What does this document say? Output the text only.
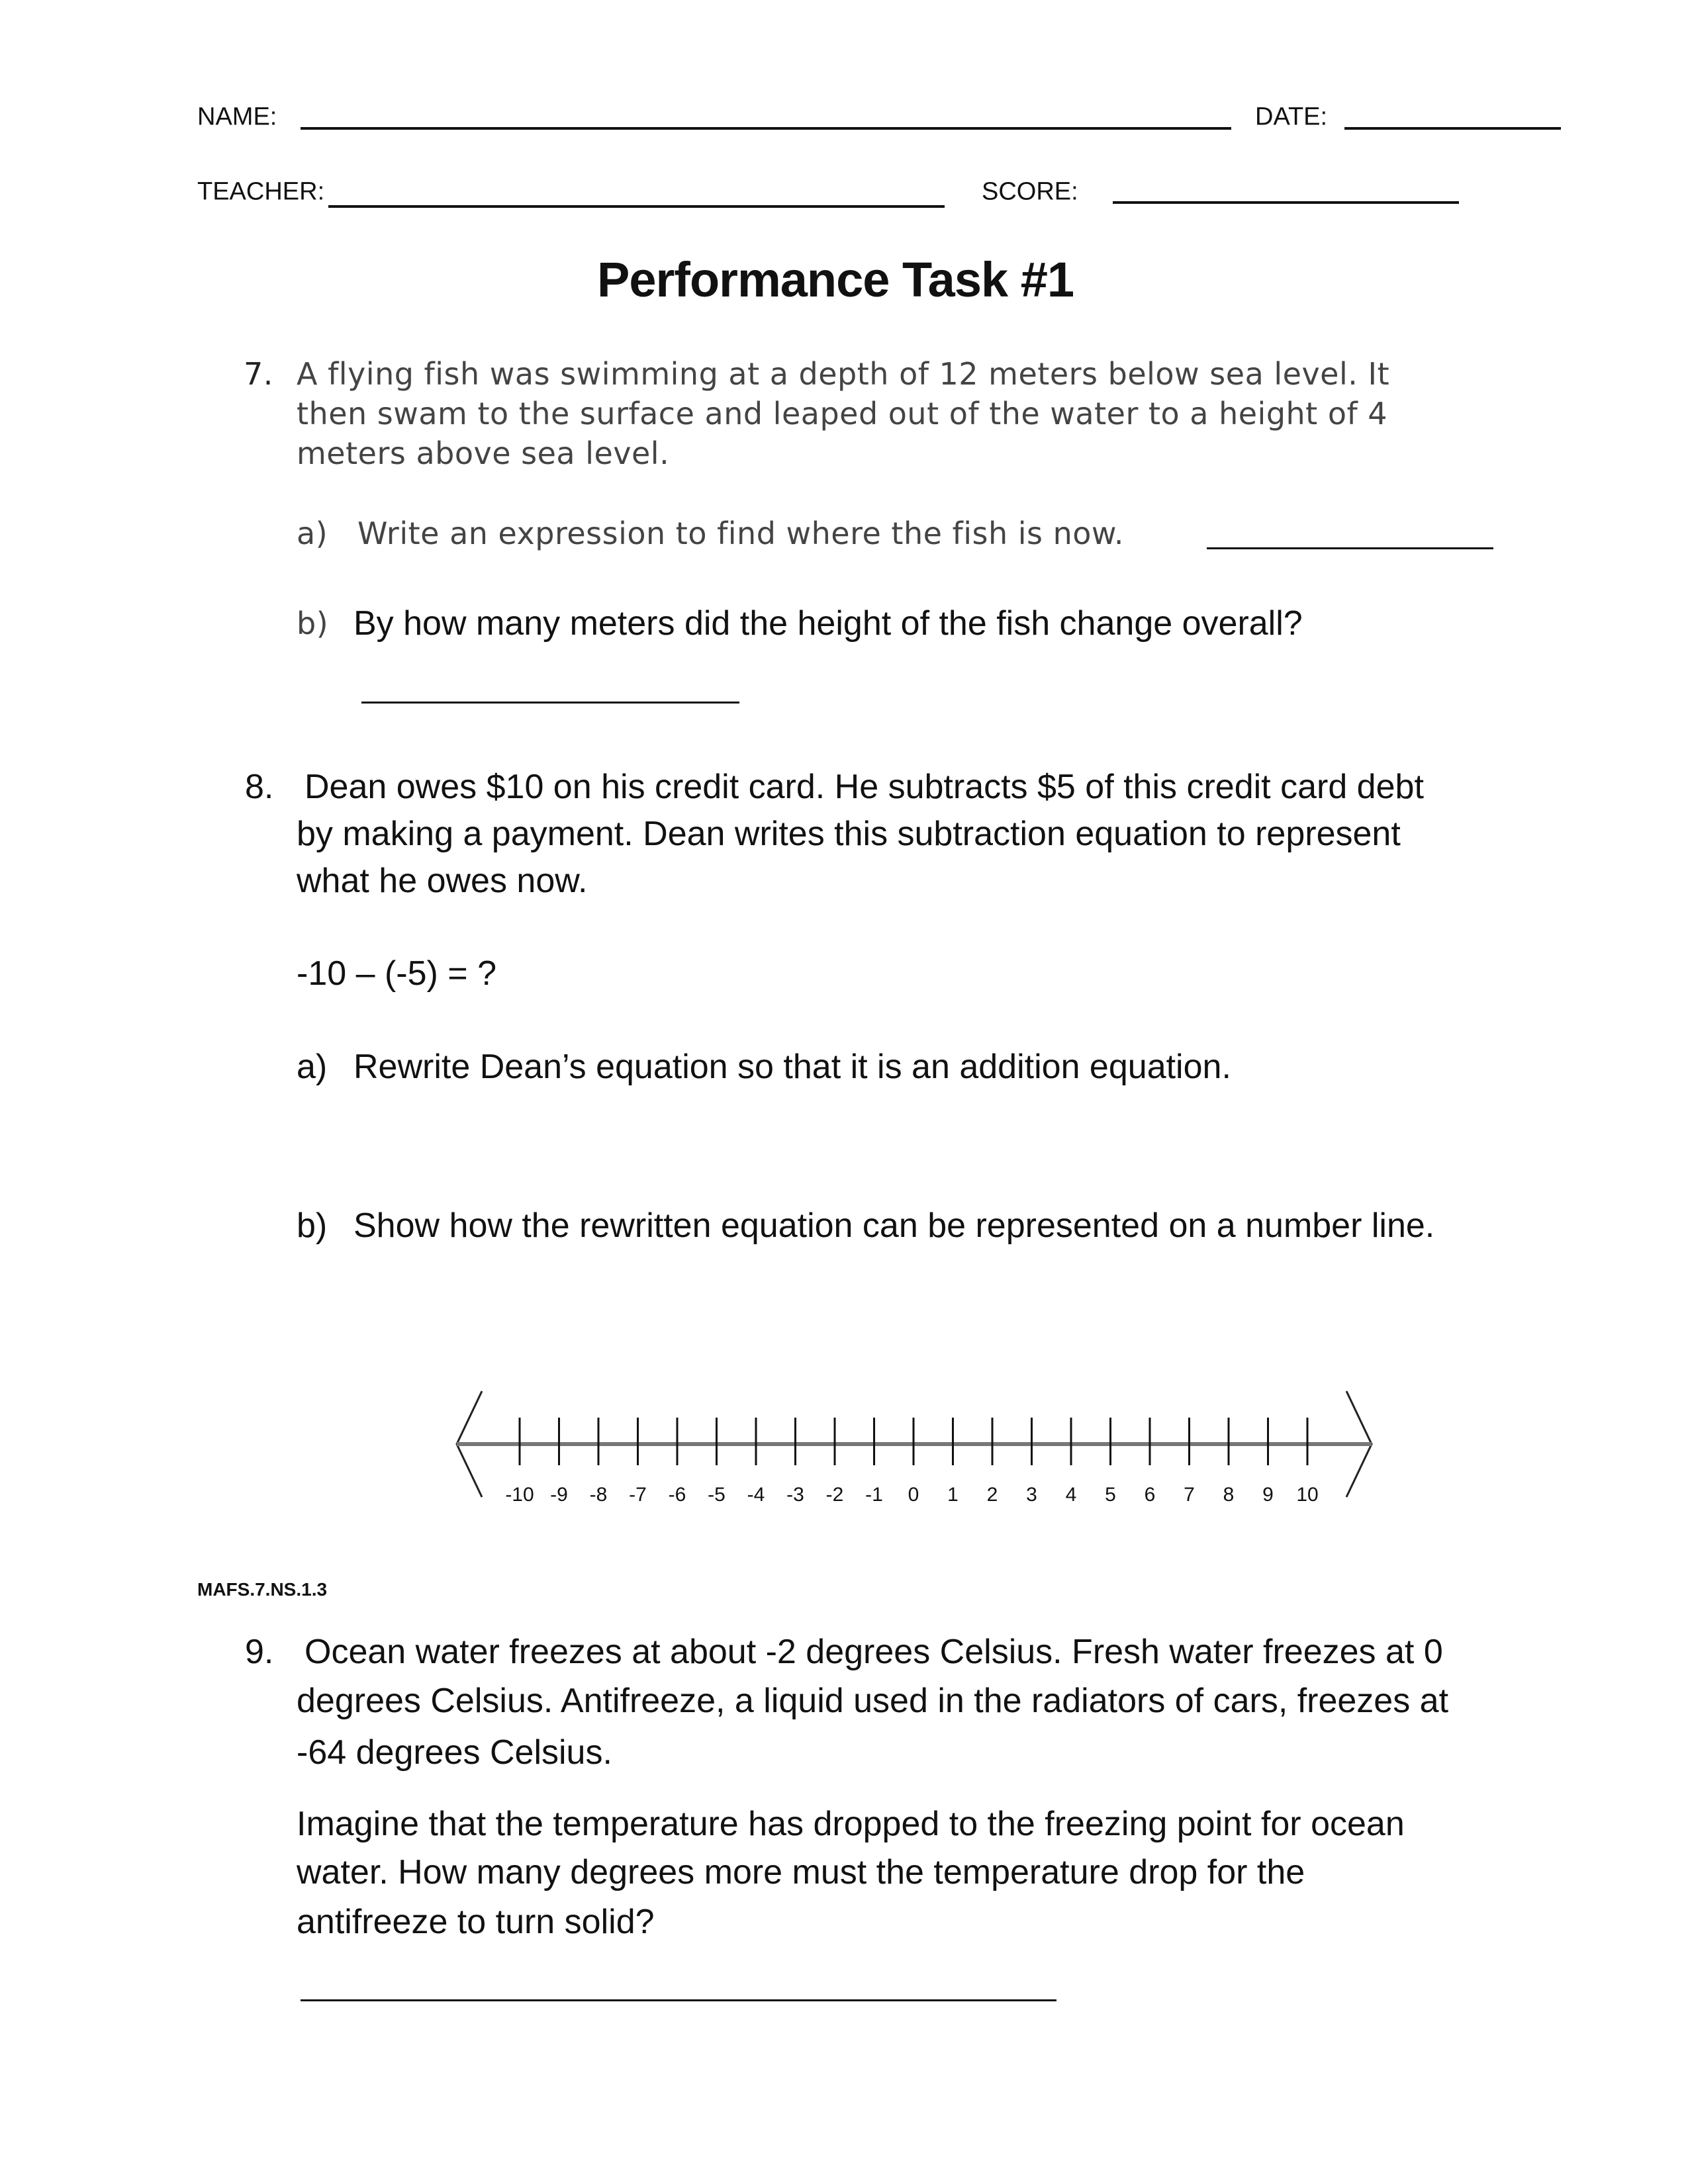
NAME:	DATE:
TEACHER:	SCORE:
Performance Task #1
7. A flying fish was swimming at a depth of 12 meters below sea level. It
then swam to the surface and leaped out of the water to a height of 4
meters above sea level.
a) Write an expression to find where the fish is now.
b) By how many meters did the height of the fish change overall?
8. Dean owes $10 on his credit card. He subtracts $5 of this credit card debt
by making a payment. Dean writes this subtraction equation to represent
what he owes now.
-10 – (-5) = ?
a) Rewrite Dean’s equation so that it is an addition equation.
b) Show how the rewritten equation can be represented on a number line.
-10 -9 -8 -7 -6 -5 -4 -3 -2 -1 0 1 2 3 4 5 6 7 8 9 10
MAFS.7.NS.1.3
9. Ocean water freezes at about -2 degrees Celsius. Fresh water freezes at 0
degrees Celsius. Antifreeze, a liquid used in the radiators of cars, freezes at
-64 degrees Celsius.
Imagine that the temperature has dropped to the freezing point for ocean
water. How many degrees more must the temperature drop for the
antifreeze to turn solid?
